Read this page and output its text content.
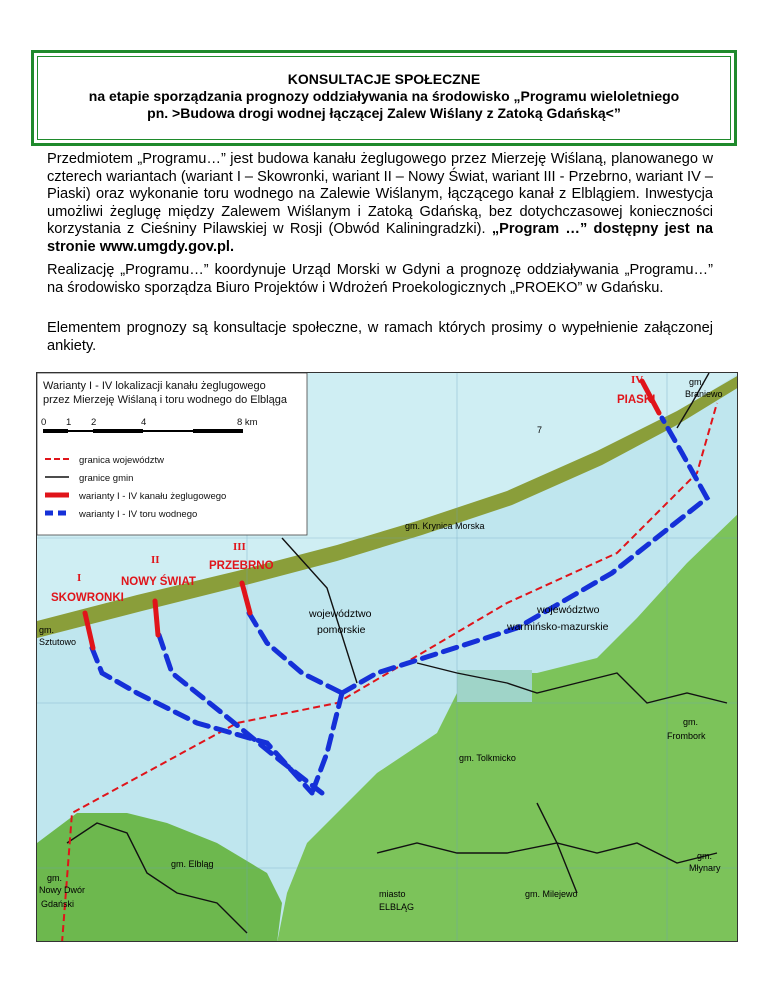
KONSULTACJE SPOŁECZNE
na etapie sporządzania prognozy oddziaływania na środowisko „Programu wieloletniego
pn. >Budowa drogi wodnej łączącej Zalew Wiślany z Zatoką Gdańską<”
Przedmiotem „Programu…” jest budowa kanału żeglugowego przez Mierzeję Wiślaną, planowanego w czterech wariantach (wariant I – Skowronki, wariant II – Nowy Świat, wariant III - Przebrno, wariant IV – Piaski) oraz wykonanie toru wodnego na Zalewie Wiślanym, łączącego kanał z Elblągiem. Inwestycja umożliwi żeglugę między Zalewem Wiślanym i Zatoką Gdańską, bez dotychczasowej konieczności korzystania z Cieśniny Pilawskiej w Rosji (Obwód Kaliningradzki). „Program …” dostępny jest na stronie www.umgdy.gov.pl.
Realizację „Programu…” koordynuje Urząd Morski w Gdyni a prognozę oddziaływania „Programu…” na środowisko sporządza Biuro Projektów i Wdrożeń Proekologicznych „PROEKO” w Gdańsku.
Elementem prognozy są konsultacje społeczne, w ramach których prosimy o wypełnienie załączonej ankiety.
Warianty I - IV lokalizacji kanału żeglugowego
przez Mierzeję Wiślaną i toru wodnego do Elbląga
0 1 2	4	8 km
granica województw
granice gmin
warianty I - IV kanału żeglugowego
warianty I - IV toru wodnego
I
SKOWRONKI
II
NOWY ŚWIAT
III
PRZEBRNO
IV
PIASKI
województwo
pomorskie
województwo
warmińsko-mazurskie
gm.
Braniewo
7
gm. Krynica Morska
gm.
Sztutowo
gm.
Frombork
gm. Tolkmicko
gm. Elbląg
gm.
Nowy Dwór
Gdański
gm.
Młynary
miasto
ELBLĄG
gm. Milejewo
